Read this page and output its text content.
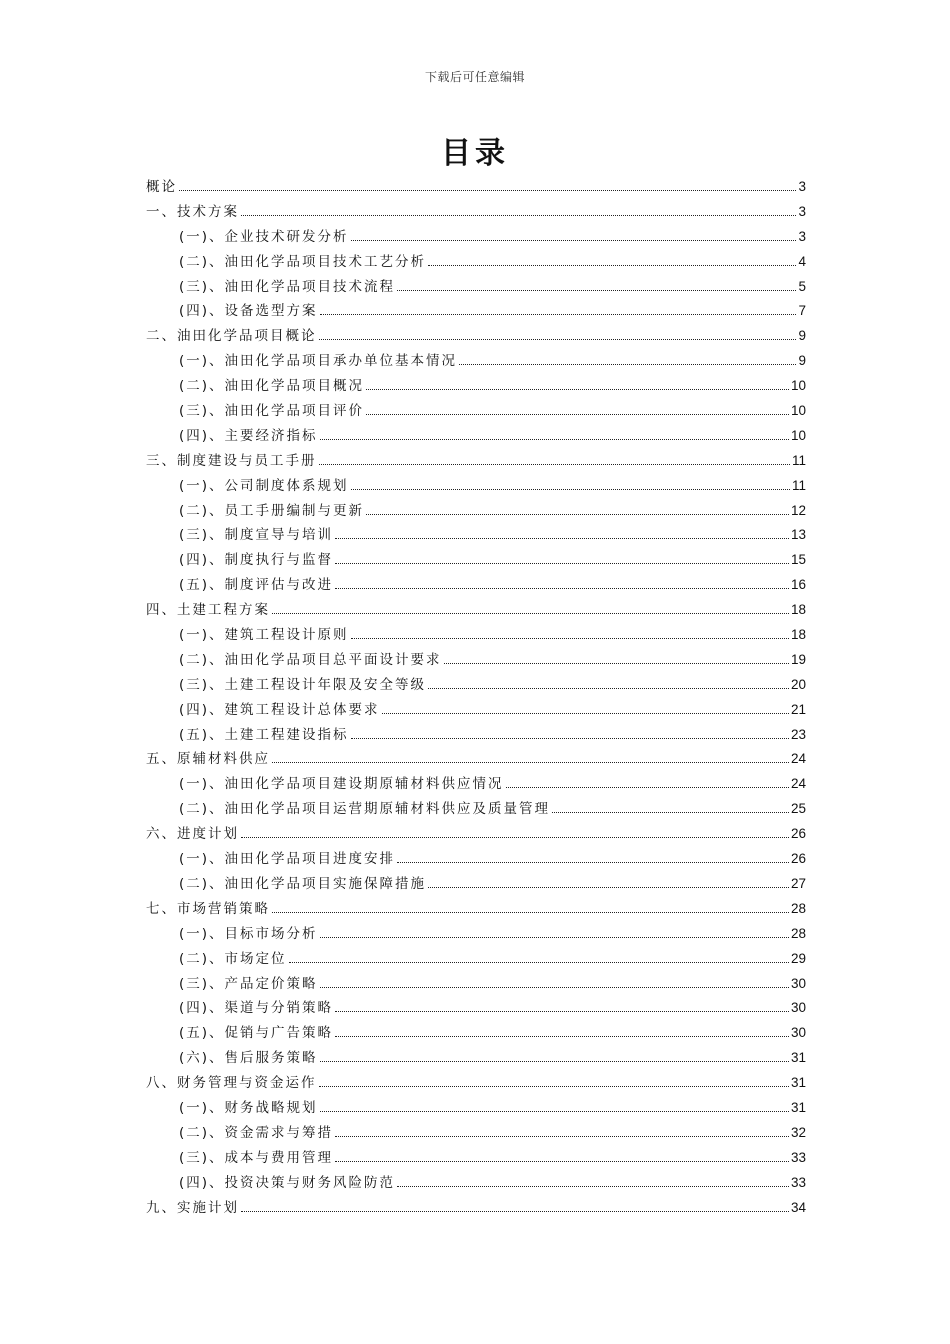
下载后可任意编辑
目录
概论	3
一、技术方案	3
(一)、企业技术研发分析	3
(二)、油田化学品项目技术工艺分析	4
(三)、油田化学品项目技术流程	5
(四)、设备选型方案	7
二、油田化学品项目概论	9
(一)、油田化学品项目承办单位基本情况	9
(二)、油田化学品项目概况	10
(三)、油田化学品项目评价	10
(四)、主要经济指标	10
三、制度建设与员工手册	11
(一)、公司制度体系规划	11
(二)、员工手册编制与更新	12
(三)、制度宣导与培训	13
(四)、制度执行与监督	15
(五)、制度评估与改进	16
四、土建工程方案	18
(一)、建筑工程设计原则	18
(二)、油田化学品项目总平面设计要求	19
(三)、土建工程设计年限及安全等级	20
(四)、建筑工程设计总体要求	21
(五)、土建工程建设指标	23
五、原辅材料供应	24
(一)、油田化学品项目建设期原辅材料供应情况	24
(二)、油田化学品项目运营期原辅材料供应及质量管理	25
六、进度计划	26
(一)、油田化学品项目进度安排	26
(二)、油田化学品项目实施保障措施	27
七、市场营销策略	28
(一)、目标市场分析	28
(二)、市场定位	29
(三)、产品定价策略	30
(四)、渠道与分销策略	30
(五)、促销与广告策略	30
(六)、售后服务策略	31
八、财务管理与资金运作	31
(一)、财务战略规划	31
(二)、资金需求与筹措	32
(三)、成本与费用管理	33
(四)、投资决策与财务风险防范	33
九、实施计划	34
